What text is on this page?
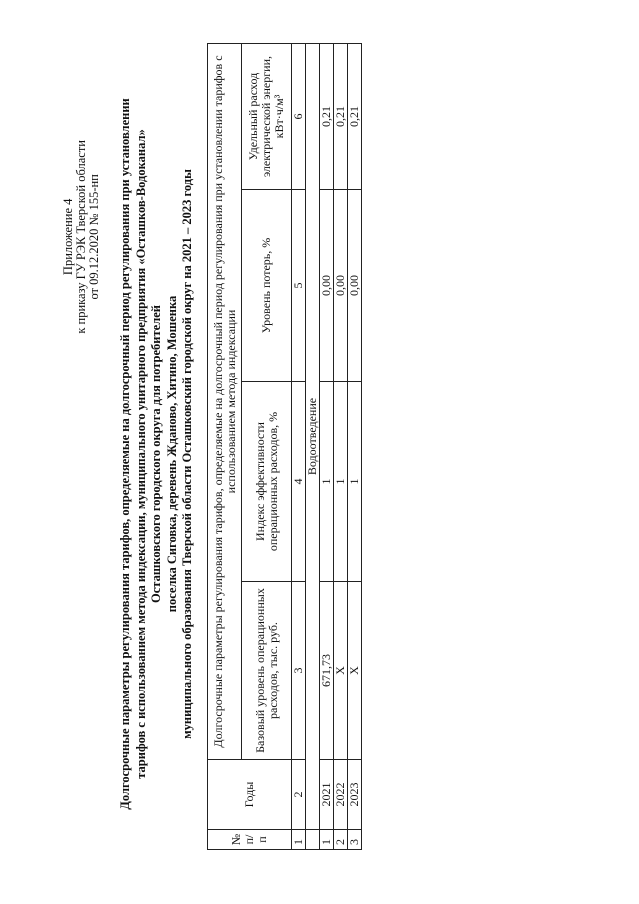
Приложение 4 к приказу ГУ РЭК Тверской области от 09.12.2020 № 155-нп Долгосрочные параметры регулирования тарифов, определяемые на долгосрочный период регулирования при установлении тарифов с использованием метода индексации, муниципального унитарного предприятия «Осташков-Водоканал» Осташковского городского округа для потребителей поселка Сиговка, деревень Жданово, Хитино, Мошенка муниципального образования Тверской области Осташковский городской округ на 2021 – 2023 годы
№ п/п	Годы	Долгосрочные параметры регулирования тарифов, определяемые на долгосрочный период регулирования при установлении тарифов с использованием метода индексации			
		Базовый уровень операционных расходов, тыс. руб.	Индекс эффективности операционных расходов, %	Уровень потерь, %	Удельный расход электрической энергии, кВт·ч/м³
1	2	3	4	5	6
	Водоотведение				
1	2021	671,73	1	0,00	0,21
2	2022	Х	1	0,00	0,21
3	2023	Х	1	0,00	0,21
